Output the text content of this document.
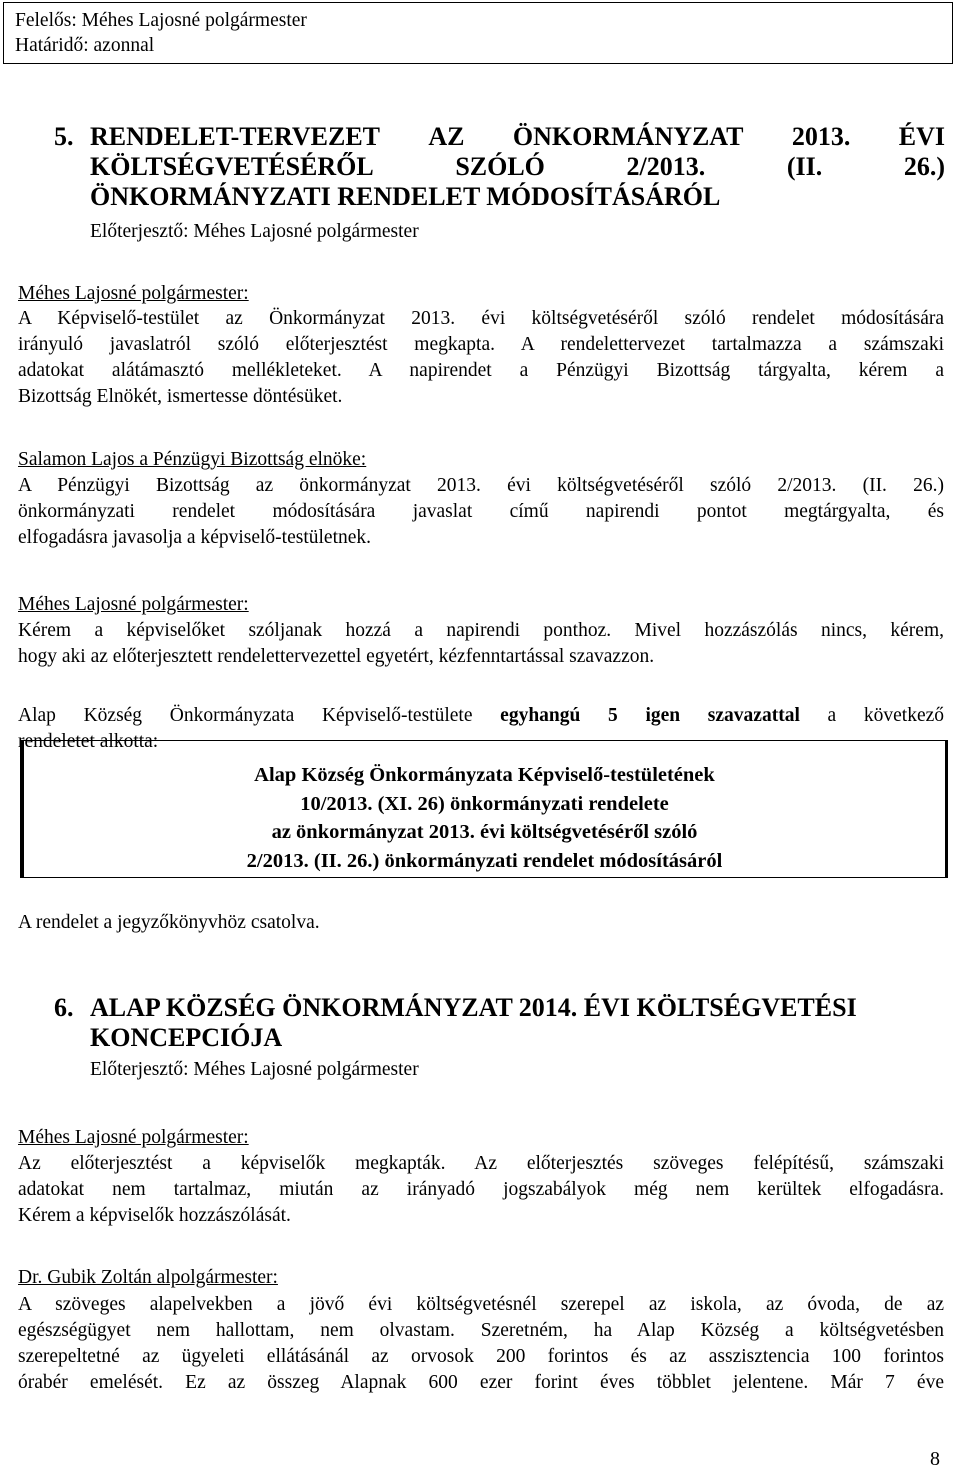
Felelős: Méhes Lajosné polgármester
Határidő: azonnal
5. RENDELET-TERVEZET AZ ÖNKORMÁNYZAT 2013. ÉVI
KÖLTSÉGVETÉSÉRŐL	SZÓLÓ	2/2013.	(II.	26.)
ÖNKORMÁNYZATI RENDELET MÓDOSÍTÁSÁRÓL
Előterjesztő: Méhes Lajosné polgármester
Méhes Lajosné polgármester:
A Képviselő-testület az Önkormányzat 2013. évi költségvetéséről szóló rendelet módosítására
irányuló javaslatról szóló előterjesztést megkapta. A rendelettervezet tartalmazza a számszaki
adatokat alátámasztó mellékleteket. A napirendet a Pénzügyi Bizottság tárgyalta, kérem a
Bizottság Elnökét, ismertesse döntésüket.
Salamon Lajos a Pénzügyi Bizottság elnöke:
A Pénzügyi Bizottság az önkormányzat 2013. évi költségvetéséről szóló 2/2013. (II. 26.)
önkormányzati rendelet módosítására javaslat című napirendi pontot megtárgyalta, és
elfogadásra javasolja a képviselő-testületnek.
Méhes Lajosné polgármester:
Kérem a képviselőket szóljanak hozzá a napirendi ponthoz. Mivel hozzászólás nincs, kérem,
hogy aki az előterjesztett rendelettervezettel egyetért, kézfenntartással szavazzon.
Alap Község Önkormányzata Képviselő-testülete egyhangú 5 igen szavazattal a következő
rendeletet alkotta:
Alap Község Önkormányzata Képviselő-testületének
10/2013. (XI. 26) önkormányzati rendelete
az önkormányzat 2013. évi költségvetéséről szóló
2/2013. (II. 26.) önkormányzati rendelet módosításáról
A rendelet a jegyzőkönyvhöz csatolva.
6. ALAP KÖZSÉG ÖNKORMÁNYZAT 2014. ÉVI KÖLTSÉGVETÉSI
KONCEPCIÓJA
Előterjesztő: Méhes Lajosné polgármester
Méhes Lajosné polgármester:
Az előterjesztést a képviselők megkapták. Az előterjesztés szöveges felépítésű, számszaki
adatokat nem tartalmaz, miután az irányadó jogszabályok még nem kerültek elfogadásra.
Kérem a képviselők hozzászólását.
Dr. Gubik Zoltán alpolgármester:
A szöveges alapelvekben a jövő évi költségvetésnél szerepel az iskola, az óvoda, de az
egészségügyet nem hallottam, nem olvastam. Szeretném, ha Alap Község a költségvetésben
szerepeltetné az ügyeleti ellátásánál az orvosok 200 forintos és az asszisztencia 100 forintos
órabér emelését. Ez az összeg Alapnak 600 ezer forint éves többlet jelentene. Már 7 éve
8
